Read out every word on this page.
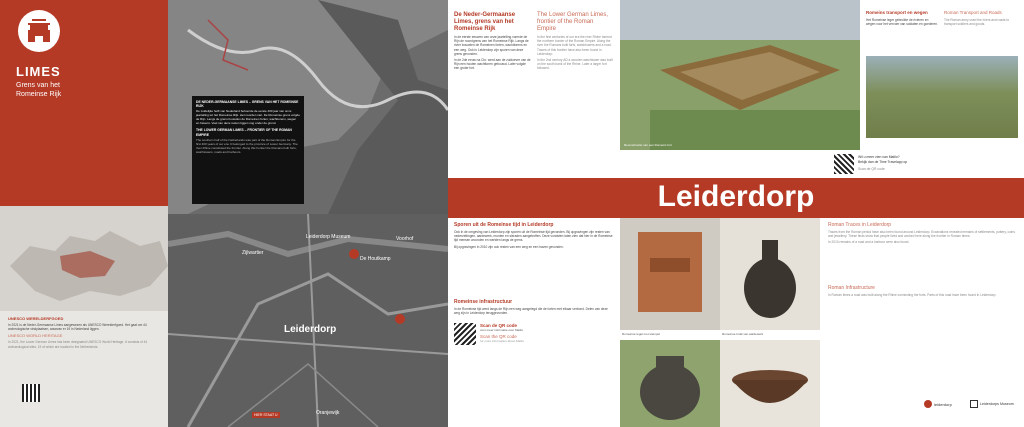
LIMES
Grens van het
Romeinse Rijk
UNESCO WERELDERFGOED
In 2021 is de Neder-Germaanse Limes aangewezen als UNESCO Werelderfgoed. Het gaat om 44 archeologische vindplaatsen, waarvan er 19 in Nederland liggen.
UNESCO WORLD HERITAGE
In 2021, the Lower German Limes has been designated UNESCO World Heritage. It consists of 44 archaeological sites, 19 of which are located in the Netherlands.
DE NEDER-GERMAANSE LIMES – GRENS VAN HET ROMEINSE RIJK
De zuidelijke helft van Nederland behoorde de eerste 400 jaar van onze jaartelling tot het Romeinse Rijk. Het noorden niet. De Romeinse grens volgde de Rijn. Langs de grens bouwden de Romeinen forten, wachttorens, wegen en havens. Veel van deze resten liggen nog onder de grond.
THE LOWER GERMAN LIMES – FRONTIER OF THE ROMAN EMPIRE
The southern half of the Netherlands was part of the Roman Empire for the first 400 years of our era. It belonged to the province of Lower Germany. The river Rhine constituted the frontier. Along this frontier the Romans built forts, watchtowers, roads and harbours.
Leiderdorp Museum
De Houtkamp
Voorhof
Zijlwartier
Leiderdorp
Oranjewijk
HIER STAAT U
De Neder-Germaanse Limes, grens van het Romeinse Rijk
In de eerste eeuwen van onze jaartelling vormde de Rijn de noordgrens van het Romeinse Rijk. Langs de rivier bouwden de Romeinen forten, wachttorens en een weg. Ook in Leiderdorp zijn sporen van deze grens gevonden.
In de 2de eeuw na Chr. werd aan de zuidoever van de Rijn een houten wachttoren gebouwd. Later volgde een groter fort.
The Lower German Limes, frontier of the Roman Empire
In the first centuries of our era the river Rhine formed the northern border of the Roman Empire. Along the river the Romans built forts, watchtowers and a road. Traces of this frontier have also been found in Leiderdorp.
In the 2nd century AD a wooden watchtower was built on the south bank of the Rhine. Later a larger fort followed.
Reconstructie van een Romeins fort
Romeins transport en wegen
Het Romeinse leger gebruikte de rivieren en wegen voor het vervoer van soldaten en goederen.
Roman Transport and Roads
The Roman army used the rivers and roads to transport soldiers and goods.
Wil u meer zien van Matilo?
Bekijk dan de Time Travelapp op
Scan de QR code
Leiderdorp
Sporen uit de Romeinse tijd in Leiderdorp
Ook in de omgeving van Leiderdorp zijn sporen uit de Romeinse tijd gevonden. Bij opgravingen zijn resten van nederzettingen, aardewerk, munten en sieraden aangetroffen. Deze vondsten laten zien dat hier in de Romeinse tijd mensen woonden en werkten langs de grens.
Bij opgravingen in 2010 zijn ook resten van een weg en een haven gevonden.
Romeinse infrastructuur
In de Romeinse tijd werd langs de Rijn een weg aangelegd die de forten met elkaar verbond. Delen van deze weg zijn in Leiderdorp teruggevonden.
Scan de QR code
voor meer informatie over Matilo
Scan the QR code
for more information about Matilo
Romeinse tegel met stempel	Romeinse kruik van aardewerk
Roman Traces in Leiderdorp
Traces from the Roman period have also been found around Leiderdorp. Excavations revealed remains of settlements, pottery, coins and jewellery. These finds show that people lived and worked here along the frontier in Roman times.
In 2010 remains of a road and a harbour were also found.
Roman Infrastructure
In Roman times a road was built along the Rhine connecting the forts. Parts of this road have been found in Leiderdorp.
leiderdorp	Leiderdorps Museum
